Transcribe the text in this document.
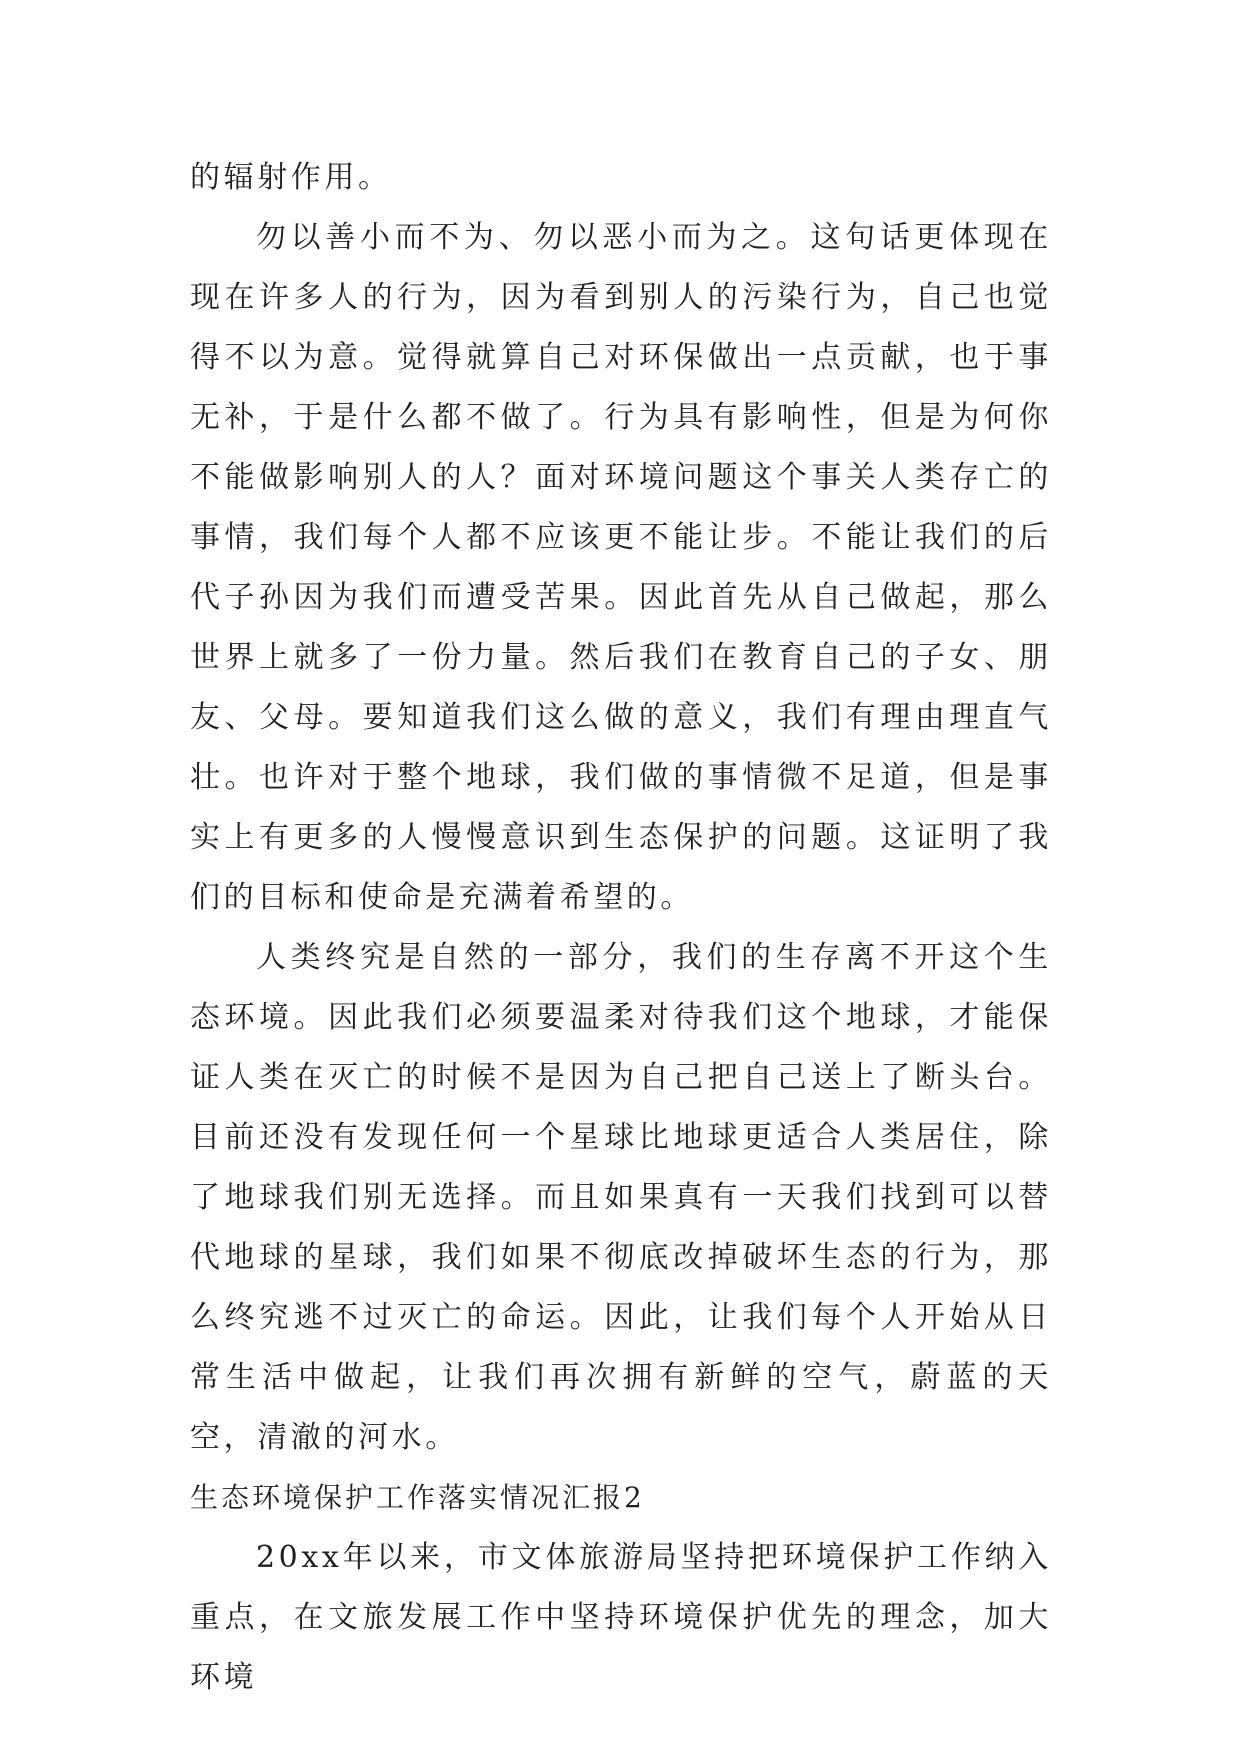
的辐射作用。

勿以善小而不为、勿以恶小而为之。这句话更体现在现在许多人的行为，因为看到别人的污染行为，自己也觉得不以为意。觉得就算自己对环保做出一点贡献，也于事无补，于是什么都不做了。行为具有影响性，但是为何你不能做影响别人的人？面对环境问题这个事关人类存亡的事情，我们每个人都不应该更不能让步。不能让我们的后代子孙因为我们而遭受苦果。因此首先从自己做起，那么世界上就多了一份力量。然后我们在教育自己的子女、朋友、父母。要知道我们这么做的意义，我们有理由理直气壮。也许对于整个地球，我们做的事情微不足道，但是事实上有更多的人慢慢意识到生态保护的问题。这证明了我们的目标和使命是充满着希望的。

人类终究是自然的一部分，我们的生存离不开这个生态环境。因此我们必须要温柔对待我们这个地球，才能保证人类在灭亡的时候不是因为自己把自己送上了断头台。目前还没有发现任何一个星球比地球更适合人类居住，除了地球我们别无选择。而且如果真有一天我们找到可以替代地球的星球，我们如果不彻底改掉破坏生态的行为，那么终究逃不过灭亡的命运。因此，让我们每个人开始从日常生活中做起，让我们再次拥有新鲜的空气，蔚蓝的天空，清澈的河水。

生态环境保护工作落实情况汇报2

20xx年以来，市文体旅游局坚持把环境保护工作纳入重点，在文旅发展工作中坚持环境保护优先的理念，加大环境
